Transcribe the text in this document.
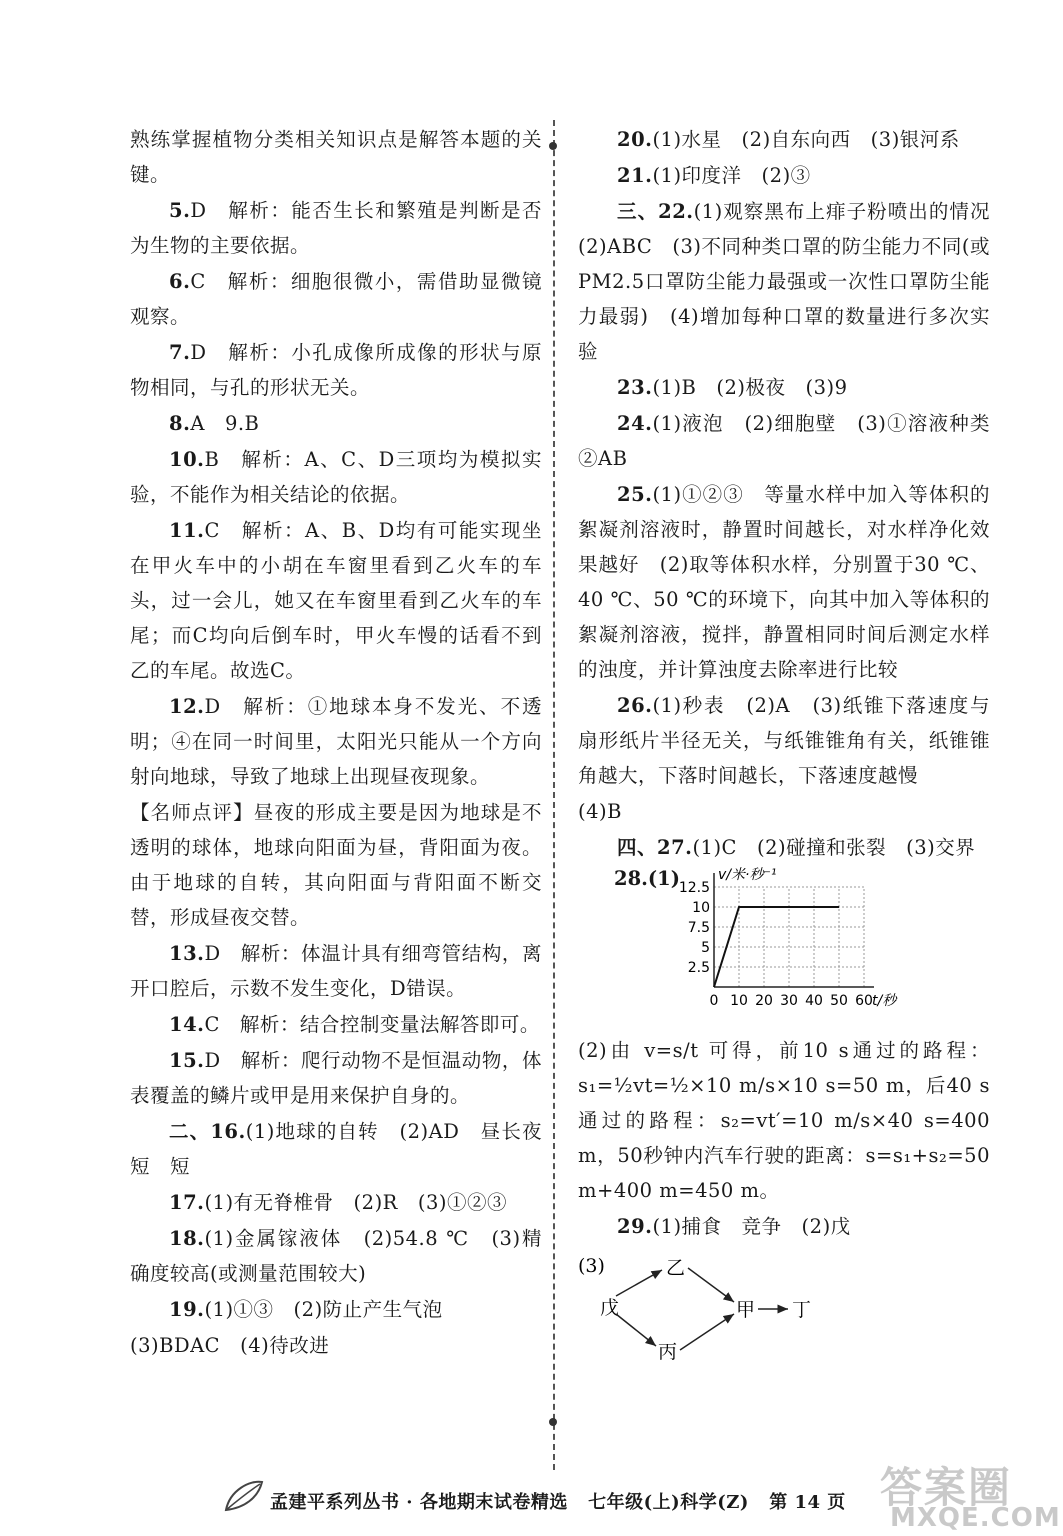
熟练掌握植物分类相关知识点是解答本题的关键。

5.D　解析：能否生长和繁殖是判断是否为生物的主要依据。

6.C　解析：细胞很微小，需借助显微镜观察。

7.D　解析：小孔成像所成像的形状与原物相同，与孔的形状无关。

8.A　9.B

10.B　解析：A、C、D三项均为模拟实验，不能作为相关结论的依据。

11.C　解析：A、B、D均有可能实现坐在甲火车中的小胡在车窗里看到乙火车的车头，过一会儿，她又在车窗里看到乙火车的车尾；而C均向后倒车时，甲火车慢的话看不到乙的车尾。故选C。

12.D　解析：①地球本身不发光、不透明；④在同一时间里，太阳光只能从一个方向射向地球，导致了地球上出现昼夜现象。

【名师点评】昼夜的形成主要是因为地球是不透明的球体，地球向阳面为昼，背阳面为夜。由于地球的自转，其向阳面与背阳面不断交替，形成昼夜交替。

13.D　解析：体温计具有细弯管结构，离开口腔后，示数不发生变化，D错误。

14.C　解析：结合控制变量法解答即可。

15.D　解析：爬行动物不是恒温动物，体表覆盖的鳞片或甲是用来保护自身的。

二、16.(1)地球的自转　(2)AD　昼长夜短　短

17.(1)有无脊椎骨　(2)R　(3)①②③

18.(1)金属镓液体　(2)54.8 ℃　(3)精确度较高(或测量范围较大)

19.(1)①③　(2)防止产生气泡

(3)BDAC　(4)待改进

20.(1)水星　(2)自东向西　(3)银河系

21.(1)印度洋　(2)③

三、22.(1)观察黑布上痱子粉喷出的情况　(2)ABC　(3)不同种类口罩的防尘能力不同(或PM2.5口罩防尘能力最强或一次性口罩防尘能力最弱)　(4)增加每种口罩的数量进行多次实验

23.(1)B　(2)极夜　(3)9

24.(1)液泡　(2)细胞壁　(3)①溶液种类　②AB

25.(1)①②③　等量水样中加入等体积的絮凝剂溶液时，静置时间越长，对水样净化效果越好　(2)取等体积水样，分别置于30 ℃、40 ℃、50 ℃的环境下，向其中加入等体积的絮凝剂溶液，搅拌，静置相同时间后测定水样的浊度，并计算浊度去除率进行比较

26.(1)秒表　(2)A　(3)纸锥下落速度与扇形纸片半径无关，与纸锥锥角有关，纸锥锥角越大，下落时间越长，下落速度越慢

(4)B

四、27.(1)C　(2)碰撞和张裂　(3)交界

28.(1)
2.5
5
7.5
10
12.5
0 10 20 30 40 50 60
v/米·秒⁻¹
t/秒

(2)由 v=s/t 可得，前10 s通过的路程：s₁=½vt=½×10 m/s×10 s=50 m，后40 s通过的路程：s₂=vt′=10 m/s×40 s=400 m，50秒钟内汽车行驶的距离：s=s₁+s₂=50 m+400 m=450 m。

29.(1)捕食　竞争　(2)戊

(3)
戊
乙
丙
甲 丁
孟建平系列丛书 · 各地期末试卷精选 七年级(上)科学(Z) 第 14 页 答案圈
MXQE.COM
